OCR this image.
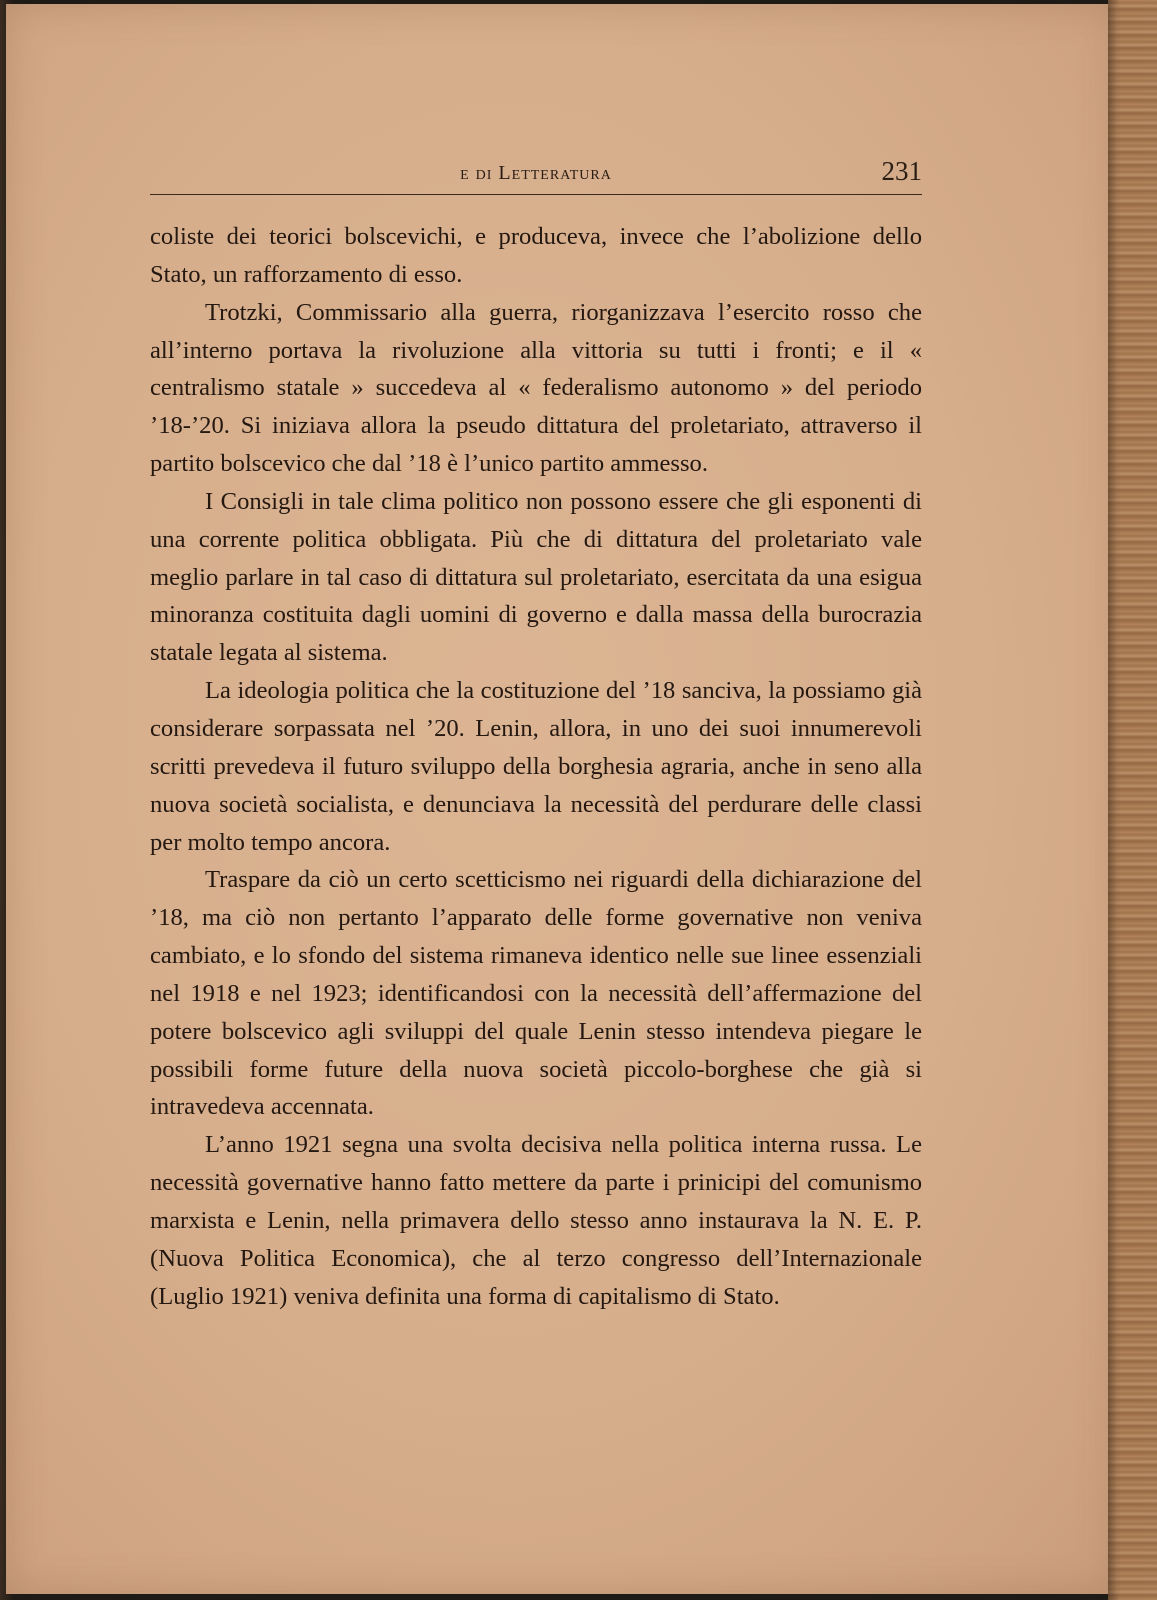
e di Letteratura	231

coliste dei teorici bolscevichi, e produceva, invece che l’abolizione dello Stato, un rafforzamento di esso.

Trotzki, Commissario alla guerra, riorganizzava l’esercito rosso che all’interno portava la rivoluzione alla vittoria su tutti i fronti; e il « centralismo statale » succedeva al « federalismo autonomo » del periodo ’18-’20. Si iniziava allora la pseudo dittatura del proletariato, attraverso il partito bolscevico che dal ’18 è l’unico partito ammesso.

I Consigli in tale clima politico non possono essere che gli esponenti di una corrente politica obbligata. Più che di dittatura del proletariato vale meglio parlare in tal caso di dittatura sul proletariato, esercitata da una esigua minoranza costituita dagli uomini di governo e dalla massa della burocrazia statale legata al sistema.

La ideologia politica che la costituzione del ’18 sanciva, la possiamo già considerare sorpassata nel ’20. Lenin, allora, in uno dei suoi innumerevoli scritti prevedeva il futuro sviluppo della borghesia agraria, anche in seno alla nuova società socialista, e denunciava la necessità del perdurare delle classi per molto tempo ancora.

Traspare da ciò un certo scetticismo nei riguardi della dichiarazione del ’18, ma ciò non pertanto l’apparato delle forme governative non veniva cambiato, e lo sfondo del sistema rimaneva identico nelle sue linee essenziali nel 1918 e nel 1923; identificandosi con la necessità dell’affermazione del potere bolscevico agli sviluppi del quale Lenin stesso intendeva piegare le possibili forme future della nuova società piccolo-borghese che già si intravedeva accennata.

L’anno 1921 segna una svolta decisiva nella politica interna russa. Le necessità governative hanno fatto mettere da parte i prinicipi del comunismo marxista e Lenin, nella primavera dello stesso anno instaurava la N. E. P. (Nuova Politica Economica), che al terzo congresso dell’Internazionale (Luglio 1921) veniva definita una forma di capitalismo di Stato.
